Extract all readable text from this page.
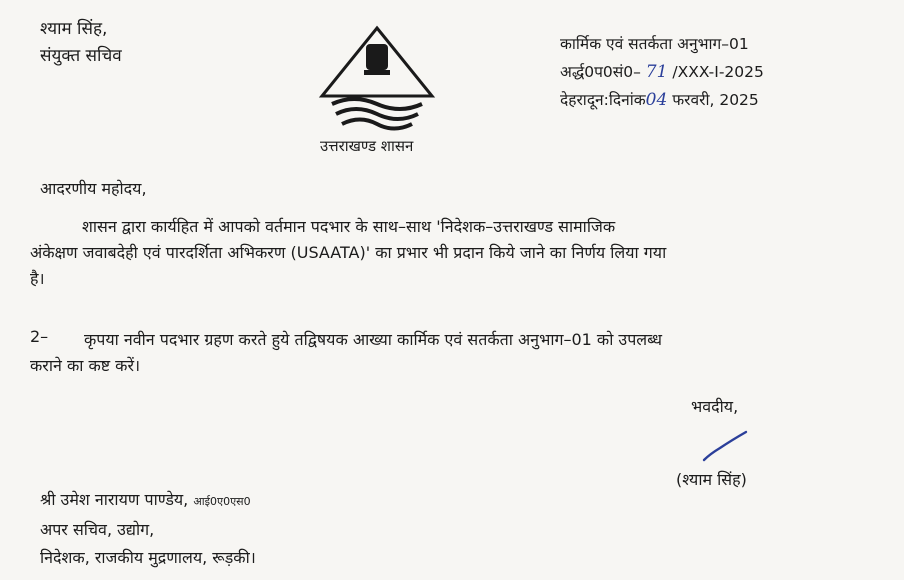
श्याम सिंह,
संयुक्त सचिव
उत्तराखण्ड शासन
कार्मिक एवं सतर्कता अनुभाग–01
अर्द्ध0प0सं0– 71 /XXX-I-2025
देहरादून:दिनांक04 फरवरी, 2025
आदरणीय महोदय,
शासन द्वारा कार्यहित में आपको वर्तमान पदभार के साथ–साथ 'निदेशक–उत्तराखण्ड सामाजिक
अंकेक्षण जवाबदेही एवं पारदर्शिता अभिकरण (USAATA)' का प्रभार भी प्रदान किये जाने का निर्णय लिया गया
है।
2– कृपया नवीन पदभार ग्रहण करते हुये तद्विषयक आख्या कार्मिक एवं सतर्कता अनुभाग–01 को उपलब्ध
कराने का कष्ट करें।
भवदीय,
(श्याम सिंह)
श्री उमेश नारायण पाण्डेय, आई0ए0एस0
अपर सचिव, उद्योग,
निदेशक, राजकीय मुद्रणालय, रूड़की।
